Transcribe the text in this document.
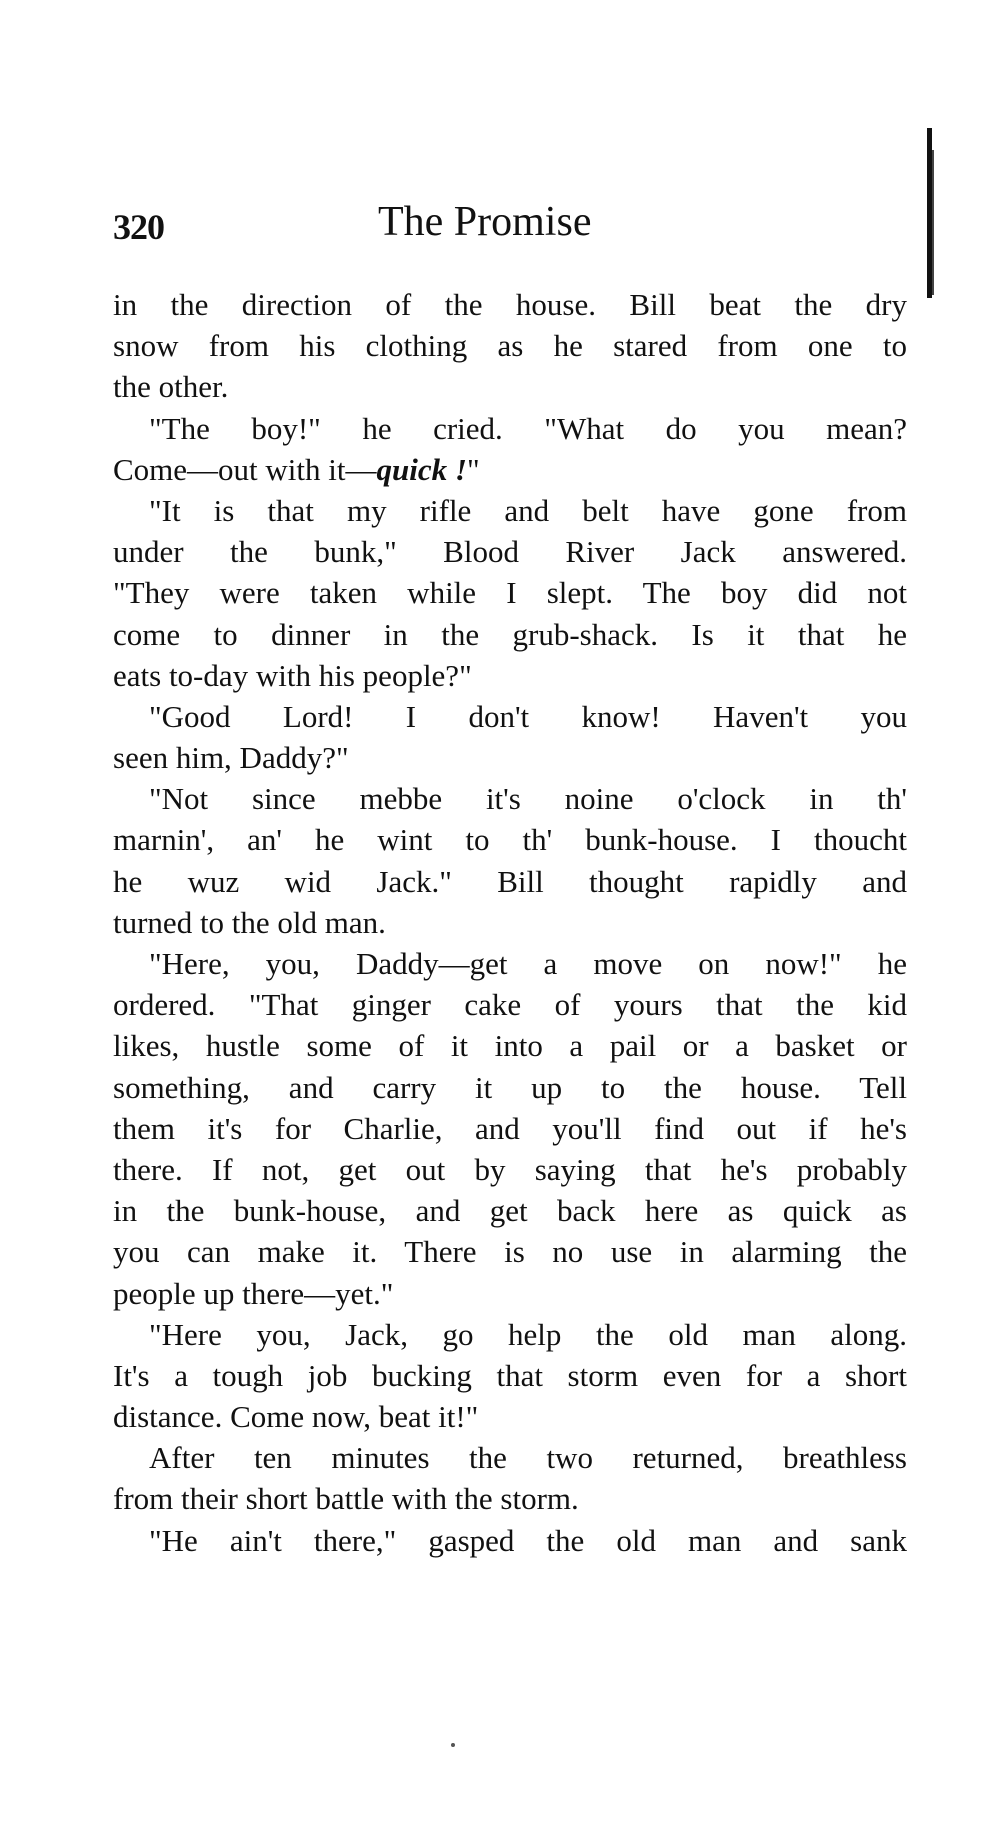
320	The Promise
in the direction of the house. Bill beat the dry
snow from his clothing as he stared from one to
the other.
"The boy!" he cried. "What do you mean?
Come—out with it—quick !"
"It is that my rifle and belt have gone from
under the bunk," Blood River Jack answered.
"They were taken while I slept. The boy did not
come to dinner in the grub-shack. Is it that he
eats to-day with his people?"
"Good Lord! I don't know! Haven't you
seen him, Daddy?"
"Not since mebbe it's noine o'clock in th'
marnin', an' he wint to th' bunk-house. I thoucht
he wuz wid Jack." Bill thought rapidly and
turned to the old man.
"Here, you, Daddy—get a move on now!" he
ordered. "That ginger cake of yours that the kid
likes, hustle some of it into a pail or a basket or
something, and carry it up to the house. Tell
them it's for Charlie, and you'll find out if he's
there. If not, get out by saying that he's probably
in the bunk-house, and get back here as quick as
you can make it. There is no use in alarming the
people up there—yet."
"Here you, Jack, go help the old man along.
It's a tough job bucking that storm even for a short
distance. Come now, beat it!"
After ten minutes the two returned, breathless
from their short battle with the storm.
"He ain't there," gasped the old man and sank
